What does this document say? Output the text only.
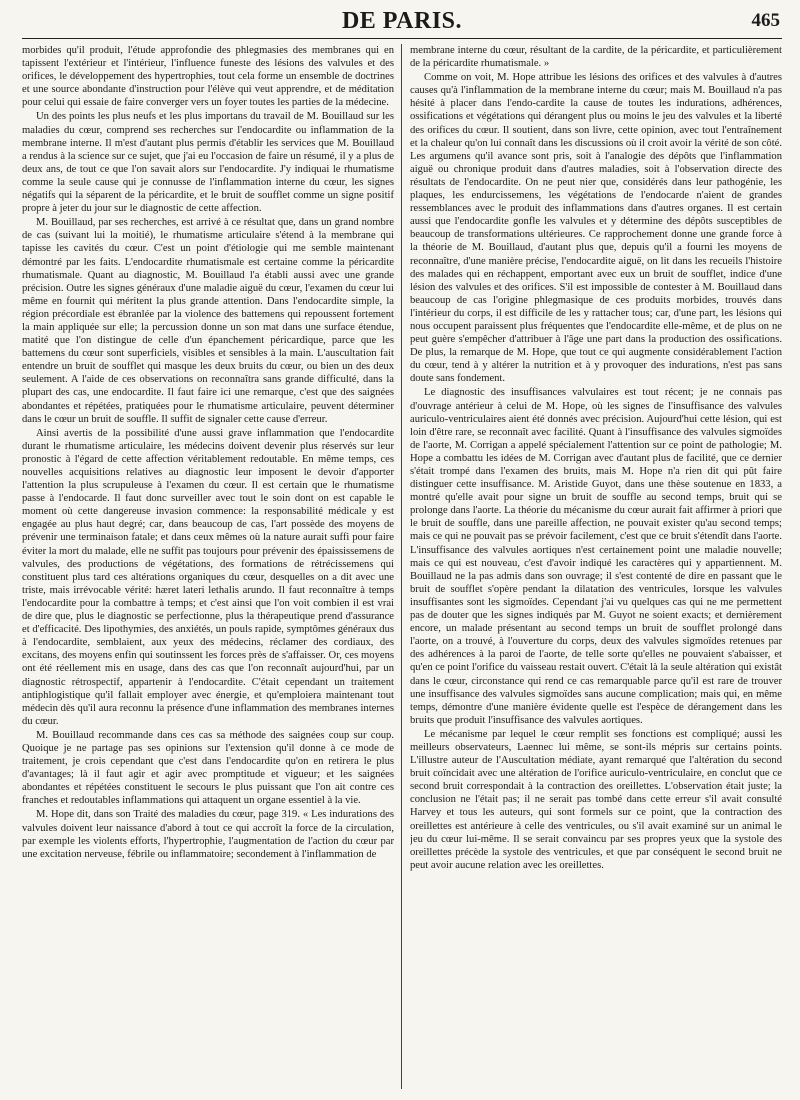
DE PARIS.	465

morbides qu'il produit, l'étude approfondie des phlegmasies des membranes qui en tapissent l'extérieur et l'intérieur, l'influence funeste des lésions des valvules et des orifices, le développement des hypertrophies, tout cela forme un ensemble de doctrines et une source abondante d'instruction pour l'élève qui veut apprendre, et de méditation pour celui qui essaie de faire converger vers un foyer toutes les parties de la médecine.

Un des points les plus neufs et les plus importans du travail de M. Bouillaud sur les maladies du cœur, comprend ses recherches sur l'endocardite ou inflammation de la membrane interne. Il m'est d'autant plus permis d'établir les services que M. Bouillaud a rendus à la science sur ce sujet, que j'ai eu l'occasion de faire un résumé, il y a plus de deux ans, de tout ce que l'on savait alors sur l'endocardite. J'y indiquai le rhumatisme comme la seule cause qui je connusse de l'inflammation interne du cœur, les signes négatifs qui la séparent de la péricardite, et le bruit de soufflet comme un signe positif propre à jeter du jour sur le diagnostic de cette affection.

M. Bouillaud, par ses recherches, est arrivé à ce résultat que, dans un grand nombre de cas (suivant lui la moitié), le rhumatisme articulaire s'étend à la membrane qui tapisse les cavités du cœur. C'est un point d'étiologie qui me semble maintenant démontré par les faits. L'endocardite rhumatismale est certaine comme la péricardite rhumatismale. Quant au diagnostic, M. Bouillaud l'a établi aussi avec une grande précision. Outre les signes généraux d'une maladie aiguë du cœur, l'examen du cœur lui même en fournit qui méritent la plus grande attention. Dans l'endocardite simple, la région précordiale est ébranlée par la violence des battemens qui repoussent fortement la main appliquée sur elle; la percussion donne un son mat dans une surface étendue, matité que l'on distingue de celle d'un épanchement péricardique, parce que les battemens du cœur sont superficiels, visibles et sensibles à la main. L'auscultation fait entendre un bruit de soufflet qui masque les deux bruits du cœur, ou bien un des deux seulement. A l'aide de ces observations on reconnaîtra sans grande difficulté, dans la plupart des cas, une endocardite. Il faut faire ici une remarque, c'est que des saignées abondantes et répétées, pratiquées pour le rhumatisme articulaire, peuvent déterminer dans le cœur un bruit de souffle. Il suffit de signaler cette cause d'erreur.

Ainsi avertis de la possibilité d'une aussi grave inflammation que l'endocardite durant le rhumatisme articulaire, les médecins doivent devenir plus réservés sur leur pronostic à l'égard de cette affection véritablement redoutable. En même temps, ces nouvelles acquisitions relatives au diagnostic leur imposent le devoir d'apporter l'attention la plus scrupuleuse à l'examen du cœur. Il est certain que le rhumatisme passe à l'endocarde. Il faut donc surveiller avec tout le soin dont on est capable le moment où cette dangereuse invasion commence: la responsabilité médicale y est engagée au plus haut degré; car, dans beaucoup de cas, l'art possède des moyens de prévenir une terminaison fatale; et dans ceux mêmes où la nature aurait suffi pour faire éviter la mort du malade, elle ne suffit pas toujours pour prévenir des épaississemens de valvules, des productions de végétations, des formations de rétrécissemens qui constituent plus tard ces altérations organiques du cœur, desquelles on a dit avec une triste, mais irrévocable vérité: hæret lateri lethalis arundo. Il faut reconnaître à temps l'endocardite pour la combattre à temps; et c'est ainsi que l'on voit combien il est vrai de dire que, plus le diagnostic se perfectionne, plus la thérapeutique prend d'assurance et d'efficacité. Des lipothymies, des anxiétés, un pouls rapide, symptômes généraux dus à l'endocardite, semblaient, aux yeux des médecins, réclamer des cordiaux, des excitans, des moyens enfin qui soutinssent les forces près de s'affaisser. Or, ces moyens ont été réellement mis en usage, dans des cas que l'on reconnaît aujourd'hui, par un diagnostic rétrospectif, appartenir à l'endocardite. C'était cependant un traitement antiphlogistique qu'il fallait employer avec énergie, et qu'emploiera maintenant tout médecin dès qu'il aura reconnu la présence d'une inflammation des membranes internes du cœur.

M. Bouillaud recommande dans ces cas sa méthode des saignées coup sur coup. Quoique je ne partage pas ses opinions sur l'extension qu'il donne à ce mode de traitement, je crois cependant que c'est dans l'endocardite qu'on en retirera le plus d'avantages; là il faut agir et agir avec promptitude et vigueur; et les saignées abondantes et répétées constituent le secours le plus puissant que l'on ait contre ces franches et redoutables inflammations qui attaquent un organe essentiel à la vie.

M. Hope dit, dans son Traité des maladies du cœur, page 319. « Les indurations des valvules doivent leur naissance d'abord à tout ce qui accroît la force de la circulation, par exemple les violents efforts, l'hypertrophie, l'augmentation de l'action du cœur par une excitation nerveuse, fébrile ou inflammatoire; secondement à l'inflammation de

membrane interne du cœur, résultant de la cardite, de la péricardite, et particulièrement de la péricardite rhumatismale. »

Comme on voit, M. Hope attribue les lésions des orifices et des valvules à d'autres causes qu'à l'inflammation de la membrane interne du cœur; mais M. Bouillaud n'a pas hésité à placer dans l'endo-cardite la cause de toutes les indurations, adhérences, ossifications et végétations qui dérangent plus ou moins le jeu des valvules et la liberté des orifices du cœur. Il soutient, dans son livre, cette opinion, avec tout l'entraînement et la chaleur qu'on lui connaît dans les discussions où il croit avoir la vérité de son côté. Les argumens qu'il avance sont pris, soit à l'analogie des dépôts que l'inflammation aiguë ou chronique produit dans d'autres maladies, soit à l'observation directe des résultats de l'endocardite. On ne peut nier que, considérés dans leur pathogénie, les plaques, les endurcissemens, les végétations de l'endocarde n'aient de grandes ressemblances avec le produit des inflammations dans d'autres organes. Il est certain aussi que l'endocardite gonfle les valvules et y détermine des dépôts susceptibles de beaucoup de transformations ultérieures. Ce rapprochement donne une grande force à la théorie de M. Bouillaud, d'autant plus que, depuis qu'il a fourni les moyens de reconnaître, d'une manière précise, l'endocardite aiguë, on lit dans les recueils l'histoire des malades qui en réchappent, emportant avec eux un bruit de soufflet, indice d'une lésion des valvules et des orifices. S'il est impossible de contester à M. Bouillaud dans beaucoup de cas l'origine phlegmasique de ces produits morbides, trouvés dans l'intérieur du corps, il est difficile de les y rattacher tous; car, d'une part, les lésions qui nous occupent paraissent plus fréquentes que l'endocardite elle-même, et de plus on ne peut guère s'empêcher d'attribuer à l'âge une part dans la production des ossifications. De plus, la remarque de M. Hope, que tout ce qui augmente considérablement l'action du cœur, tend à y altérer la nutrition et à y provoquer des indurations, n'est pas sans doute sans fondement.

Le diagnostic des insuffisances valvulaires est tout récent; je ne connais pas d'ouvrage antérieur à celui de M. Hope, où les signes de l'insuffisance des valvules auriculo-ventriculaires aient été donnés avec précision. Aujourd'hui cette lésion, qui est loin d'être rare, se reconnaît avec facilité. Quant à l'insuffisance des valvules sigmoïdes de l'aorte, M. Corrigan a appelé spécialement l'attention sur ce point de pathologie; M. Hope a combattu les idées de M. Corrigan avec d'autant plus de facilité, que ce dernier s'était trompé dans l'examen des bruits, mais M. Hope n'a rien dit qui pût faire distinguer cette insuffisance. M. Aristide Guyot, dans une thèse soutenue en 1833, a montré qu'elle avait pour signe un bruit de souffle au second temps, bruit qui se prolonge dans l'aorte. La théorie du mécanisme du cœur aurait fait affirmer à priori que le bruit de souffle, dans une pareille affection, ne pouvait exister qu'au second temps; mais ce qui ne pouvait pas se prévoir facilement, c'est que ce bruit s'étendît dans l'aorte. L'insuffisance des valvules aortiques n'est certainement point une maladie nouvelle; mais ce qui est nouveau, c'est d'avoir indiqué les caractères qui y appartiennent. M. Bouillaud ne la pas admis dans son ouvrage; il s'est contenté de dire en passant que le bruit de soufflet s'opère pendant la dilatation des ventricules, lorsque les valvules insuffisantes sont les sigmoïdes. Cependant j'ai vu quelques cas qui ne me permettent pas de douter que les signes indiqués par M. Guyot ne soient exacts; et dernièrement encore, un malade présentant au second temps un bruit de soufflet prolongé dans l'aorte, on a trouvé, à l'ouverture du corps, deux des valvules sigmoïdes retenues par des adhérences à la paroi de l'aorte, de telle sorte qu'elles ne pouvaient s'abaisser, et qu'en ce point l'orifice du vaisseau restait ouvert. C'était là la seule altération qui existât dans le cœur, circonstance qui rend ce cas remarquable parce qu'il est rare de trouver une insuffisance des valvules sigmoïdes sans aucune complication; mais qui, en même temps, démontre d'une manière évidente quelle est l'espèce de dérangement dans les bruits que produit l'insuffisance des valvules aortiques.

Le mécanisme par lequel le cœur remplit ses fonctions est compliqué; aussi les meilleurs observateurs, Laennec lui même, se sont-ils mépris sur certains points. L'illustre auteur de l'Auscultation médiate, ayant remarqué que l'altération du second bruit coïncidait avec une altération de l'orifice auriculo-ventriculaire, en conclut que ce second bruit correspondait à la contraction des oreillettes. L'observation était juste; la conclusion ne l'était pas; il ne serait pas tombé dans cette erreur s'il avait consulté Harvey et tous les auteurs, qui sont formels sur ce point, que la contraction des oreillettes est antérieure à celle des ventricules, ou s'il avait examiné sur un animal le jeu du cœur lui-même. Il se serait convaincu par ses propres yeux que la systole des oreillettes précède la systole des ventricules, et que par conséquent le second bruit ne peut avoir aucune relation avec les oreillettes.
